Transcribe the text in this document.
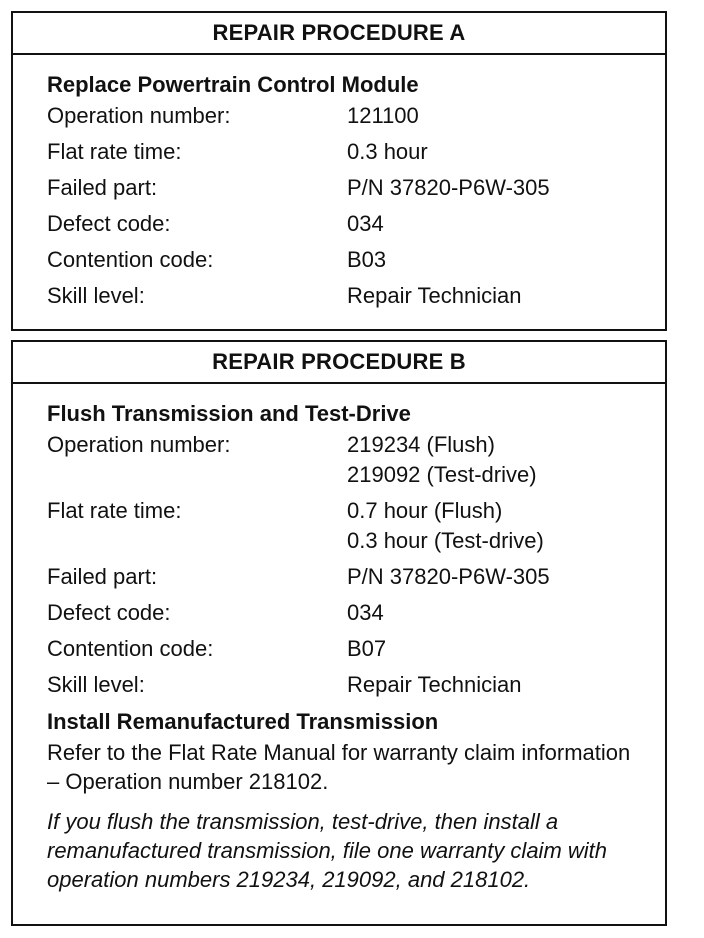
REPAIR PROCEDURE A
Replace Powertrain Control Module
Operation number:	121100
Flat rate time:	0.3 hour
Failed part:	P/N 37820-P6W-305
Defect code:	034
Contention code:	B03
Skill level:	Repair Technician
REPAIR PROCEDURE B
Flush Transmission and Test-Drive
Operation number:	219234 (Flush)
219092 (Test-drive)
Flat rate time:	0.7 hour (Flush)
0.3 hour (Test-drive)
Failed part:	P/N 37820-P6W-305
Defect code:	034
Contention code:	B07
Skill level:	Repair Technician
Install Remanufactured Transmission
Refer to the Flat Rate Manual for warranty claim information – Operation number 218102.
If you flush the transmission, test-drive, then install a remanufactured transmission, file one warranty claim with operation numbers 219234, 219092, and 218102.
